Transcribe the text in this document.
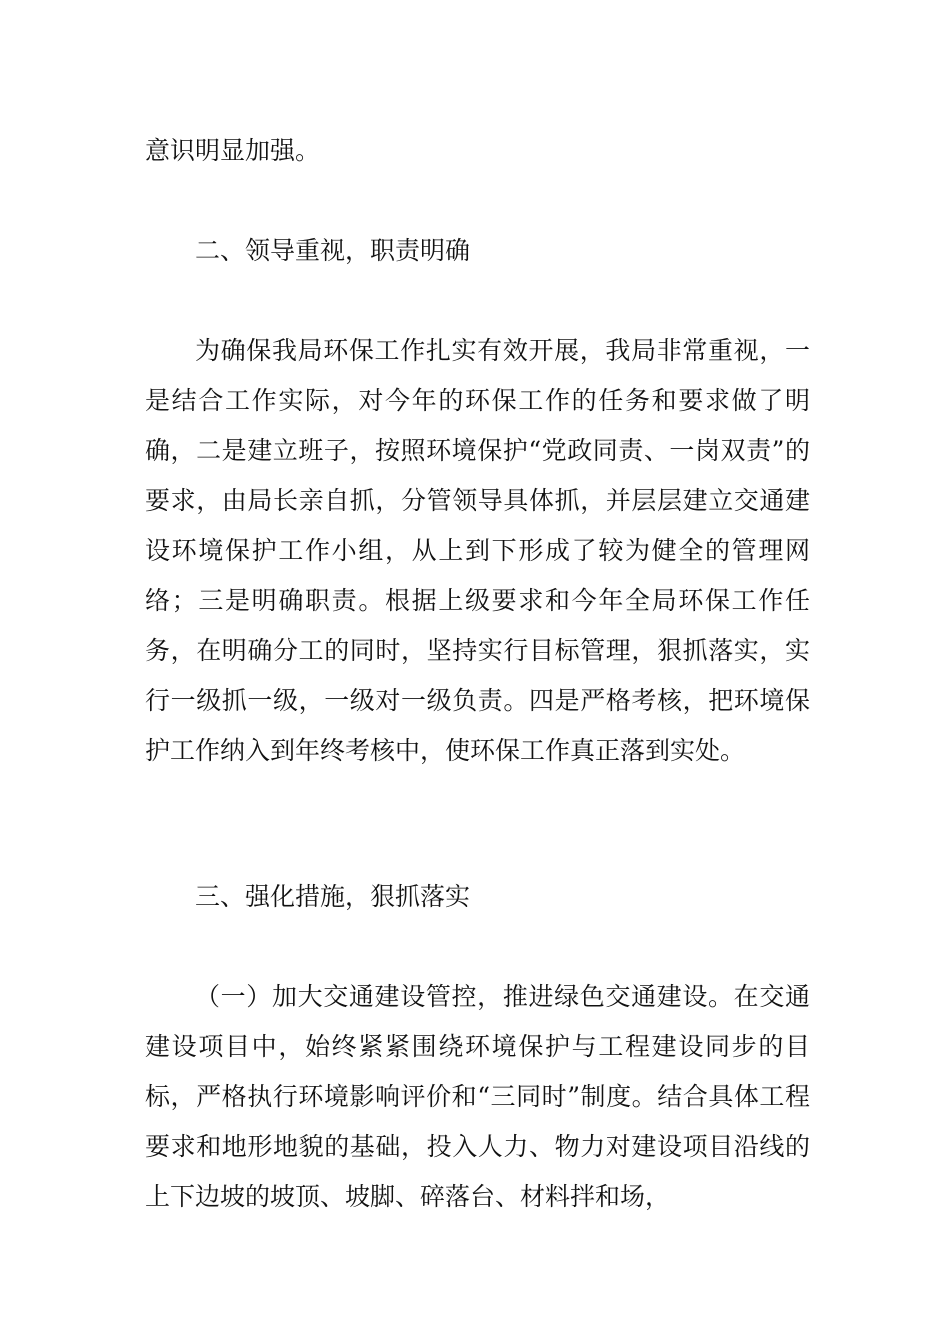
意识明显加强。

二、领导重视，职责明确

为确保我局环保工作扎实有效开展，我局非常重视，一是结合工作实际，对今年的环保工作的任务和要求做了明确，二是建立班子，按照环境保护“党政同责、一岗双责”的要求，由局长亲自抓，分管领导具体抓，并层层建立交通建设环境保护工作小组，从上到下形成了较为健全的管理网络；三是明确职责。根据上级要求和今年全局环保工作任务，在明确分工的同时，坚持实行目标管理，狠抓落实，实行一级抓一级，一级对一级负责。四是严格考核，把环境保护工作纳入到年终考核中，使环保工作真正落到实处。

三、强化措施，狠抓落实

（一）加大交通建设管控，推进绿色交通建设。在交通建设项目中，始终紧紧围绕环境保护与工程建设同步的目标，严格执行环境影响评价和“三同时”制度。结合具体工程要求和地形地貌的基础，投入人力、物力对建设项目沿线的上下边坡的坡顶、坡脚、碎落台、材料拌和场，
